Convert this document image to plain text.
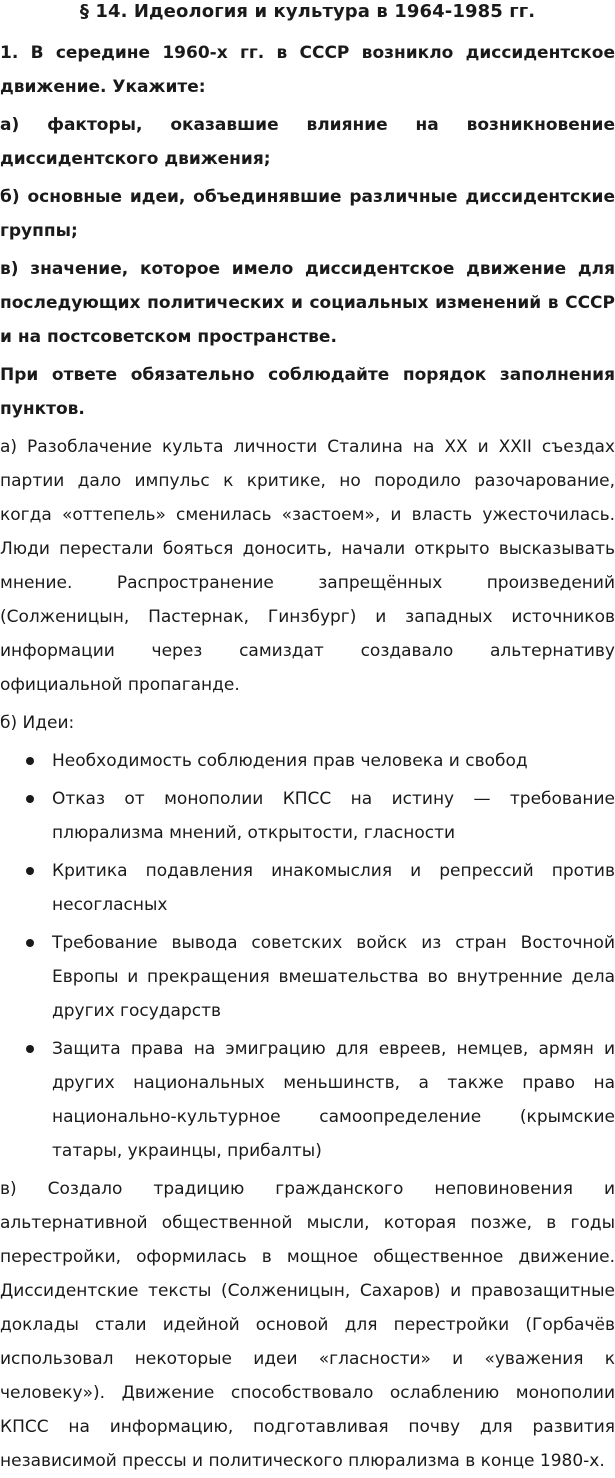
§ 14. Идеология и культура в 1964-1985 гг.

1. В середине 1960-х гг. в СССР возникло диссидентское движение. Укажите:

а) факторы, оказавшие влияние на возникновение диссидентского движения;

б) основные идеи, объединявшие различные диссидентские группы;

в) значение, которое имело диссидентское движение для последующих политических и социальных изменений в СССР и на постсоветском пространстве.

При ответе обязательно соблюдайте порядок заполнения пунктов.

а) Разоблачение культа личности Сталина на XX и XXII съездах партии дало импульс к критике, но породило разочарование, когда «оттепель» сменилась «застоем», и власть ужесточилась. Люди перестали бояться доносить, начали открыто высказывать мнение. Распространение запрещённых произведений (Солженицын, Пастернак, Гинзбург) и западных источников информации через самиздат создавало альтернативу официальной пропаганде.

б) Идеи:

Необходимость соблюдения прав человека и свобод
Отказ от монополии КПСС на истину — требование плюрализма мнений, открытости, гласности
Критика подавления инакомыслия и репрессий против несогласных
Требование вывода советских войск из стран Восточной Европы и прекращения вмешательства во внутренние дела других государств
Защита права на эмиграцию для евреев, немцев, армян и других национальных меньшинств, а также право на национально-культурное самоопределение (крымские татары, украинцы, прибалты)

в) Создало традицию гражданского неповиновения и альтернативной общественной мысли, которая позже, в годы перестройки, оформилась в мощное общественное движение. Диссидентские тексты (Солженицын, Сахаров) и правозащитные доклады стали идейной основой для перестройки (Горбачёв использовал некоторые идеи «гласности» и «уважения к человеку»). Движение способствовало ослаблению монополии КПСС на информацию, подготавливая почву для развития независимой прессы и политического плюрализма в конце 1980-х.
